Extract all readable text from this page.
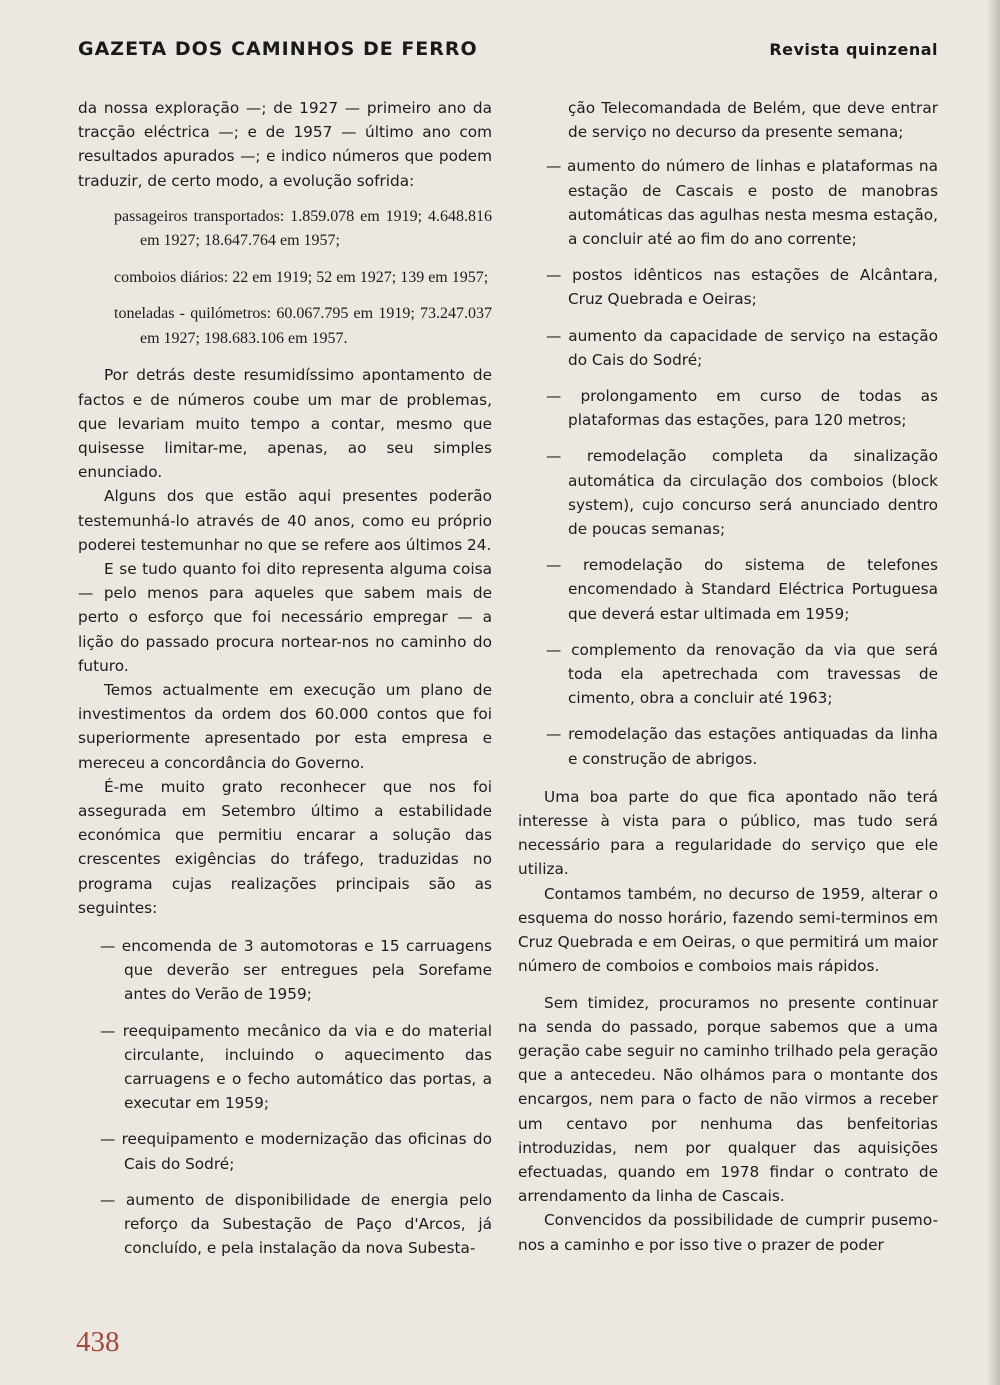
GAZETA DOS CAMINHOS DE FERRO	Revista quinzenal

da nossa exploração —; de 1927 — primeiro ano da tracção eléctrica —; e de 1957 — último ano com resultados apurados —; e indico números que podem traduzir, de certo modo, a evolução sofrida:

passageiros transportados: 1.859.078 em 1919; 4.648.816 em 1927; 18.647.764 em 1957;

comboios diários: 22 em 1919; 52 em 1927; 139 em 1957;

toneladas - quilómetros: 60.067.795 em 1919; 73.247.037 em 1927; 198.683.106 em 1957.

Por detrás deste resumidíssimo apontamento de factos e de números coube um mar de problemas, que levariam muito tempo a contar, mesmo que quisesse limitar-me, apenas, ao seu simples enunciado.

Alguns dos que estão aqui presentes poderão testemunhá-lo através de 40 anos, como eu próprio poderei testemunhar no que se refere aos últimos 24.

E se tudo quanto foi dito representa alguma coisa — pelo menos para aqueles que sabem mais de perto o esforço que foi necessário empregar — a lição do passado procura nortear-nos no caminho do futuro.

Temos actualmente em execução um plano de investimentos da ordem dos 60.000 contos que foi superiormente apresentado por esta empresa e mereceu a concordância do Governo.

É-me muito grato reconhecer que nos foi assegurada em Setembro último a estabilidade económica que permitiu encarar a solução das crescentes exigências do tráfego, traduzidas no programa cujas realizações principais são as seguintes:

— encomenda de 3 automotoras e 15 carruagens que deverão ser entregues pela Sorefame antes do Verão de 1959;

— reequipamento mecânico da via e do material circulante, incluindo o aquecimento das carruagens e o fecho automático das portas, a executar em 1959;

— reequipamento e modernização das oficinas do Cais do Sodré;

— aumento de disponibilidade de energia pelo reforço da Subestação de Paço d'Arcos, já concluído, e pela instalação da nova Subesta-

ção Telecomandada de Belém, que deve entrar de serviço no decurso da presente semana;

— aumento do número de linhas e plataformas na estação de Cascais e posto de manobras automáticas das agulhas nesta mesma estação, a concluir até ao fim do ano corrente;

— postos idênticos nas estações de Alcântara, Cruz Quebrada e Oeiras;

— aumento da capacidade de serviço na estação do Cais do Sodré;

— prolongamento em curso de todas as plataformas das estações, para 120 metros;

— remodelação completa da sinalização automática da circulação dos comboios (block system), cujo concurso será anunciado dentro de poucas semanas;

— remodelação do sistema de telefones encomendado à Standard Eléctrica Portuguesa que deverá estar ultimada em 1959;

— complemento da renovação da via que será toda ela apetrechada com travessas de cimento, obra a concluir até 1963;

— remodelação das estações antiquadas da linha e construção de abrigos.

Uma boa parte do que fica apontado não terá interesse à vista para o público, mas tudo será necessário para a regularidade do serviço que ele utiliza.

Contamos também, no decurso de 1959, alterar o esquema do nosso horário, fazendo semi-terminos em Cruz Quebrada e em Oeiras, o que permitirá um maior número de comboios e comboios mais rápidos.

Sem timidez, procuramos no presente continuar na senda do passado, porque sabemos que a uma geração cabe seguir no caminho trilhado pela geração que a antecedeu. Não olhámos para o montante dos encargos, nem para o facto de não virmos a receber um centavo por nenhuma das benfeitorias introduzidas, nem por qualquer das aquisições efectuadas, quando em 1978 findar o contrato de arrendamento da linha de Cascais.

Convencidos da possibilidade de cumprir pusemo-nos a caminho e por isso tive o prazer de poder

438
